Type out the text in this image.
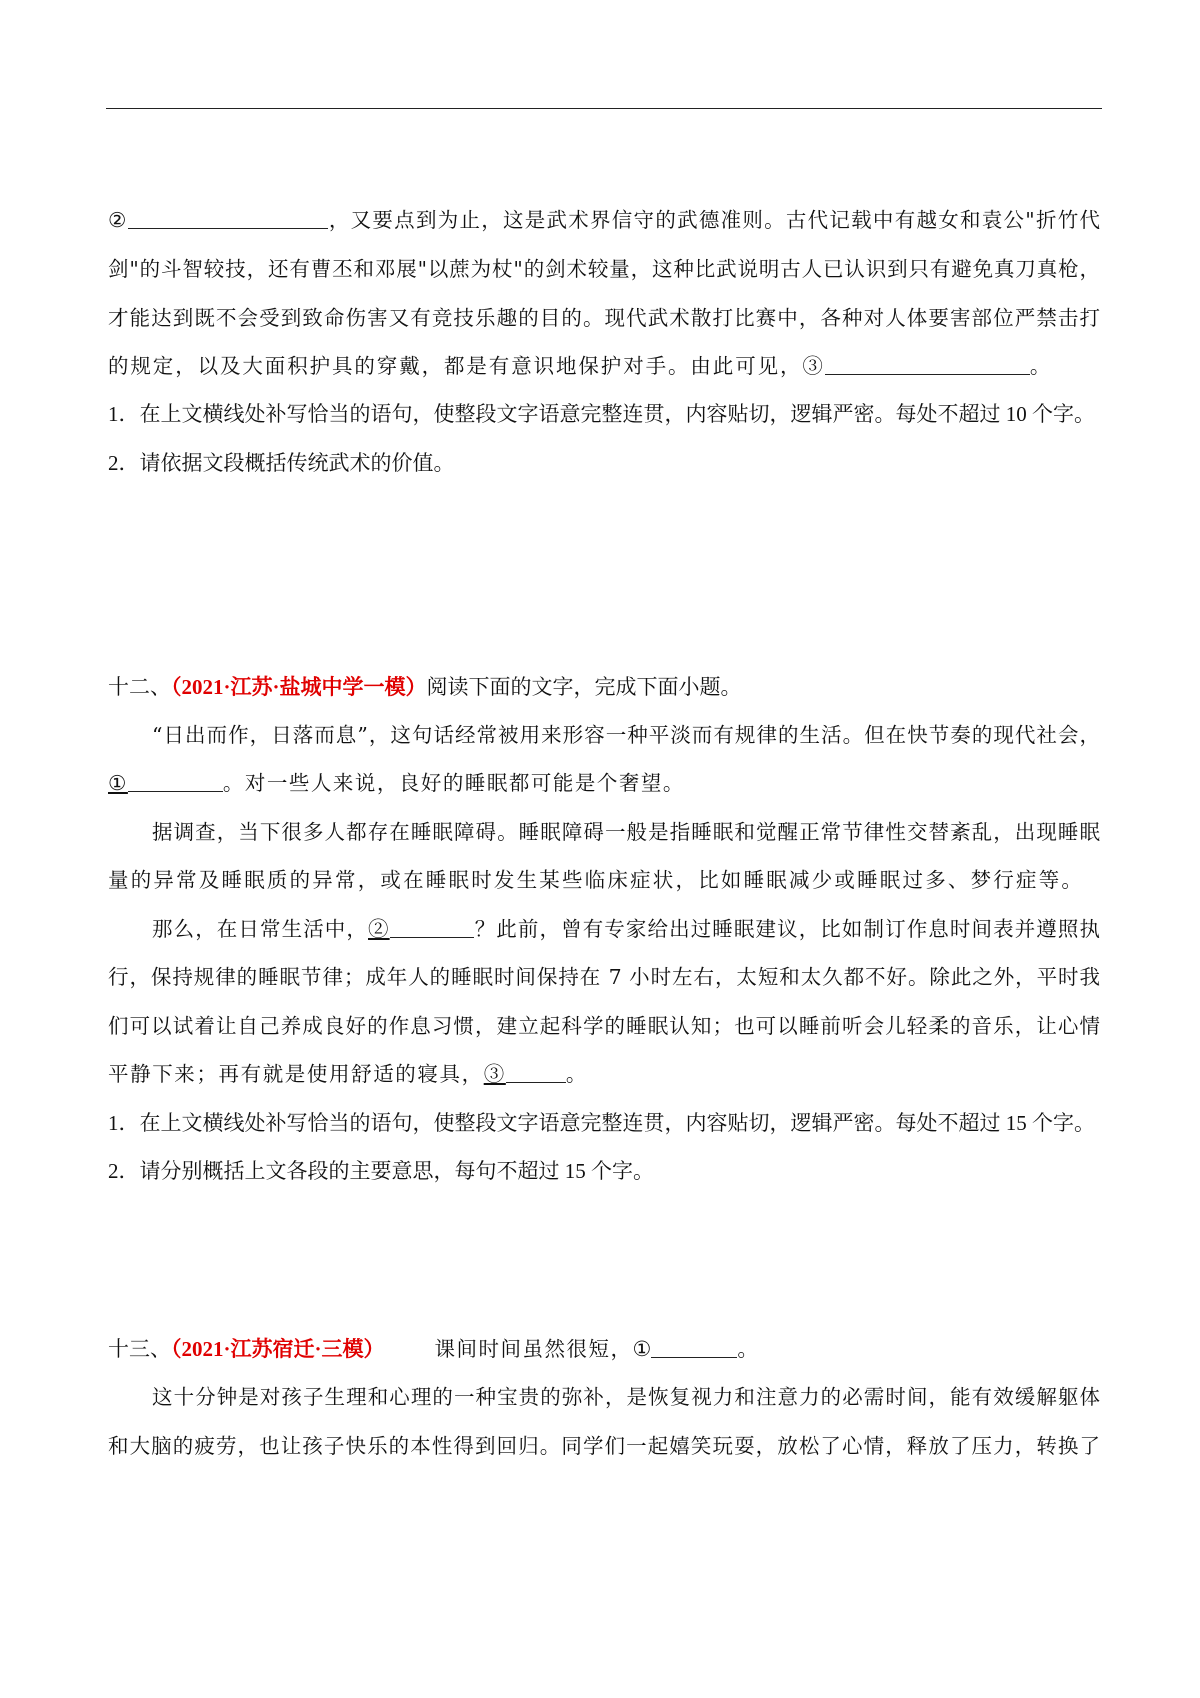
②	，又要点到为止，这是武术界信守的武德准则。古代记载中有越女和袁公"折竹代
剑"的斗智较技，还有曹丕和邓展"以蔗为杖"的剑术较量，这种比武说明古人已认识到只有避免真刀真枪，
才能达到既不会受到致命伤害又有竞技乐趣的目的。现代武术散打比赛中，各种对人体要害部位严禁击打
的规定，以及大面积护具的穿戴，都是有意识地保护对手。由此可见，③	。
1．在上文横线处补写恰当的语句，使整段文字语意完整连贯，内容贴切，逻辑严密。每处不超过 10 个字。
2．请依据文段概括传统武术的价值。
十二、（2021·江苏·盐城中学一模）阅读下面的文字，完成下面小题。
“日出而作，日落而息”，这句话经常被用来形容一种平淡而有规律的生活。但在快节奏的现代社会，
①	。对一些人来说，良好的睡眠都可能是个奢望。
据调查，当下很多人都存在睡眠障碍。睡眠障碍一般是指睡眠和觉醒正常节律性交替紊乱，出现睡眠
量的异常及睡眠质的异常，或在睡眠时发生某些临床症状，比如睡眠减少或睡眠过多、梦行症等。
那么，在日常生活中，②	？此前，曾有专家给出过睡眠建议，比如制订作息时间表并遵照执
行，保持规律的睡眠节律；成年人的睡眠时间保持在 7 小时左右，太短和太久都不好。除此之外，平时我
们可以试着让自己养成良好的作息习惯，建立起科学的睡眠认知；也可以睡前听会儿轻柔的音乐，让心情
平静下来；再有就是使用舒适的寝具，③	。
1．在上文横线处补写恰当的语句，使整段文字语意完整连贯，内容贴切，逻辑严密。每处不超过 15 个字。
2．请分别概括上文各段的主要意思，每句不超过 15 个字。
十三、（2021·江苏宿迁·三模） 课间时间虽然很短，①	。
这十分钟是对孩子生理和心理的一种宝贵的弥补，是恢复视力和注意力的必需时间，能有效缓解躯体
和大脑的疲劳，也让孩子快乐的本性得到回归。同学们一起嬉笑玩耍，放松了心情，释放了压力，转换了
